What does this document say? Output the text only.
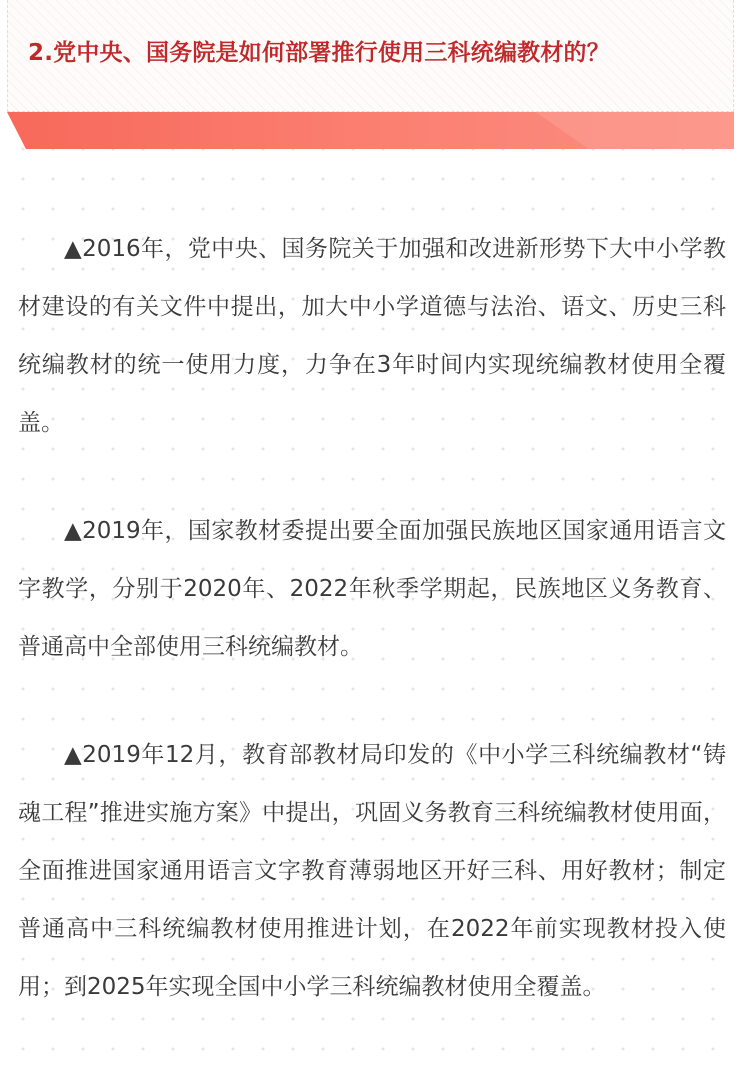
2.党中央、国务院是如何部署推行使用三科统编教材的？

▲2016年，党中央、国务院关于加强和改进新形势下大中小学教材建设的有关文件中提出，加大中小学道德与法治、语文、历史三科统编教材的统一使用力度，力争在3年时间内实现统编教材使用全覆盖。

▲2019年，国家教材委提出要全面加强民族地区国家通用语言文字教学，分别于2020年、2022年秋季学期起，民族地区义务教育、普通高中全部使用三科统编教材。

▲2019年12月，教育部教材局印发的《中小学三科统编教材“铸魂工程”推进实施方案》中提出，巩固义务教育三科统编教材使用面，全面推进国家通用语言文字教育薄弱地区开好三科、用好教材；制定普通高中三科统编教材使用推进计划，在2022年前实现教材投入使用；到2025年实现全国中小学三科统编教材使用全覆盖。
